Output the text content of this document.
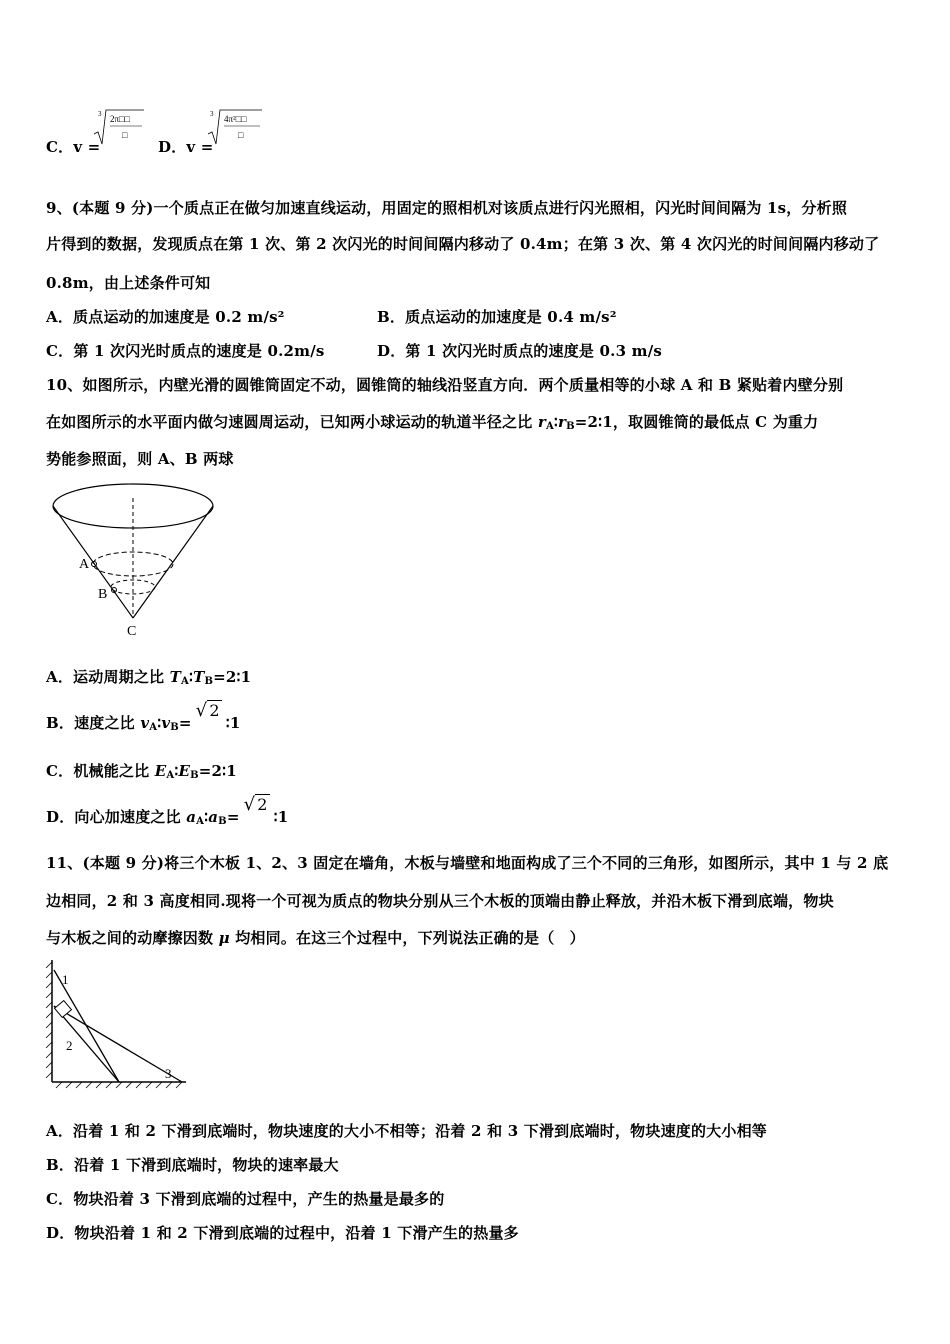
C．v =
3 2π□□
□
D．v =
3 4π²□□
□
9、(本题 9 分)一个质点正在做匀加速直线运动，用固定的照相机对该质点进行闪光照相，闪光时间间隔为 1s，分析照
片得到的数据，发现质点在第 1 次、第 2 次闪光的时间间隔内移动了 0.4m；在第 3 次、第 4 次闪光的时间间隔内移动了
0.8m，由上述条件可知
A．质点运动的加速度是 0.2 m/s²	B．质点运动的加速度是 0.4 m/s²
C．第 1 次闪光时质点的速度是 0.2m/s	D．第 1 次闪光时质点的速度是 0.3 m/s
10、如图所示，内壁光滑的圆锥筒固定不动，圆锥筒的轴线沿竖直方向．两个质量相等的小球 A 和 B 紧贴着内壁分别
在如图所示的水平面内做匀速圆周运动，已知两小球运动的轨道半径之比 $r_A∶r_B=2∶1$，取圆锥筒的最低点 C 为重力
势能参照面，则 A、B 两球
A
B
C
A．运动周期之比 $T_A∶T_B=2∶1$
B．速度之比 $v_A∶v_B=√$ 2∶1
C．机械能之比 $E_A∶E_B=2∶1$
D．向心加速度之比 $a_A∶a_B=√$ 2∶1
11、(本题 9 分)将三个木板 1、2、3 固定在墙角，木板与墙壁和地面构成了三个不同的三角形，如图所示，其中 1 与 2 底
边相同，2 和 3 高度相同.现将一个可视为质点的物块分别从三个木板的顶端由静止释放，并沿木板下滑到底端，物块
与木板之间的动摩擦因数 μ 均相同。在这三个过程中，下列说法正确的是（　）
1
2
3
A．沿着 1 和 2 下滑到底端时，物块速度的大小不相等；沿着 2 和 3 下滑到底端时，物块速度的大小相等
B．沿着 1 下滑到底端时，物块的速率最大
C．物块沿着 3 下滑到底端的过程中，产生的热量是最多的
D．物块沿着 1 和 2 下滑到底端的过程中，沿着 1 下滑产生的热量多
